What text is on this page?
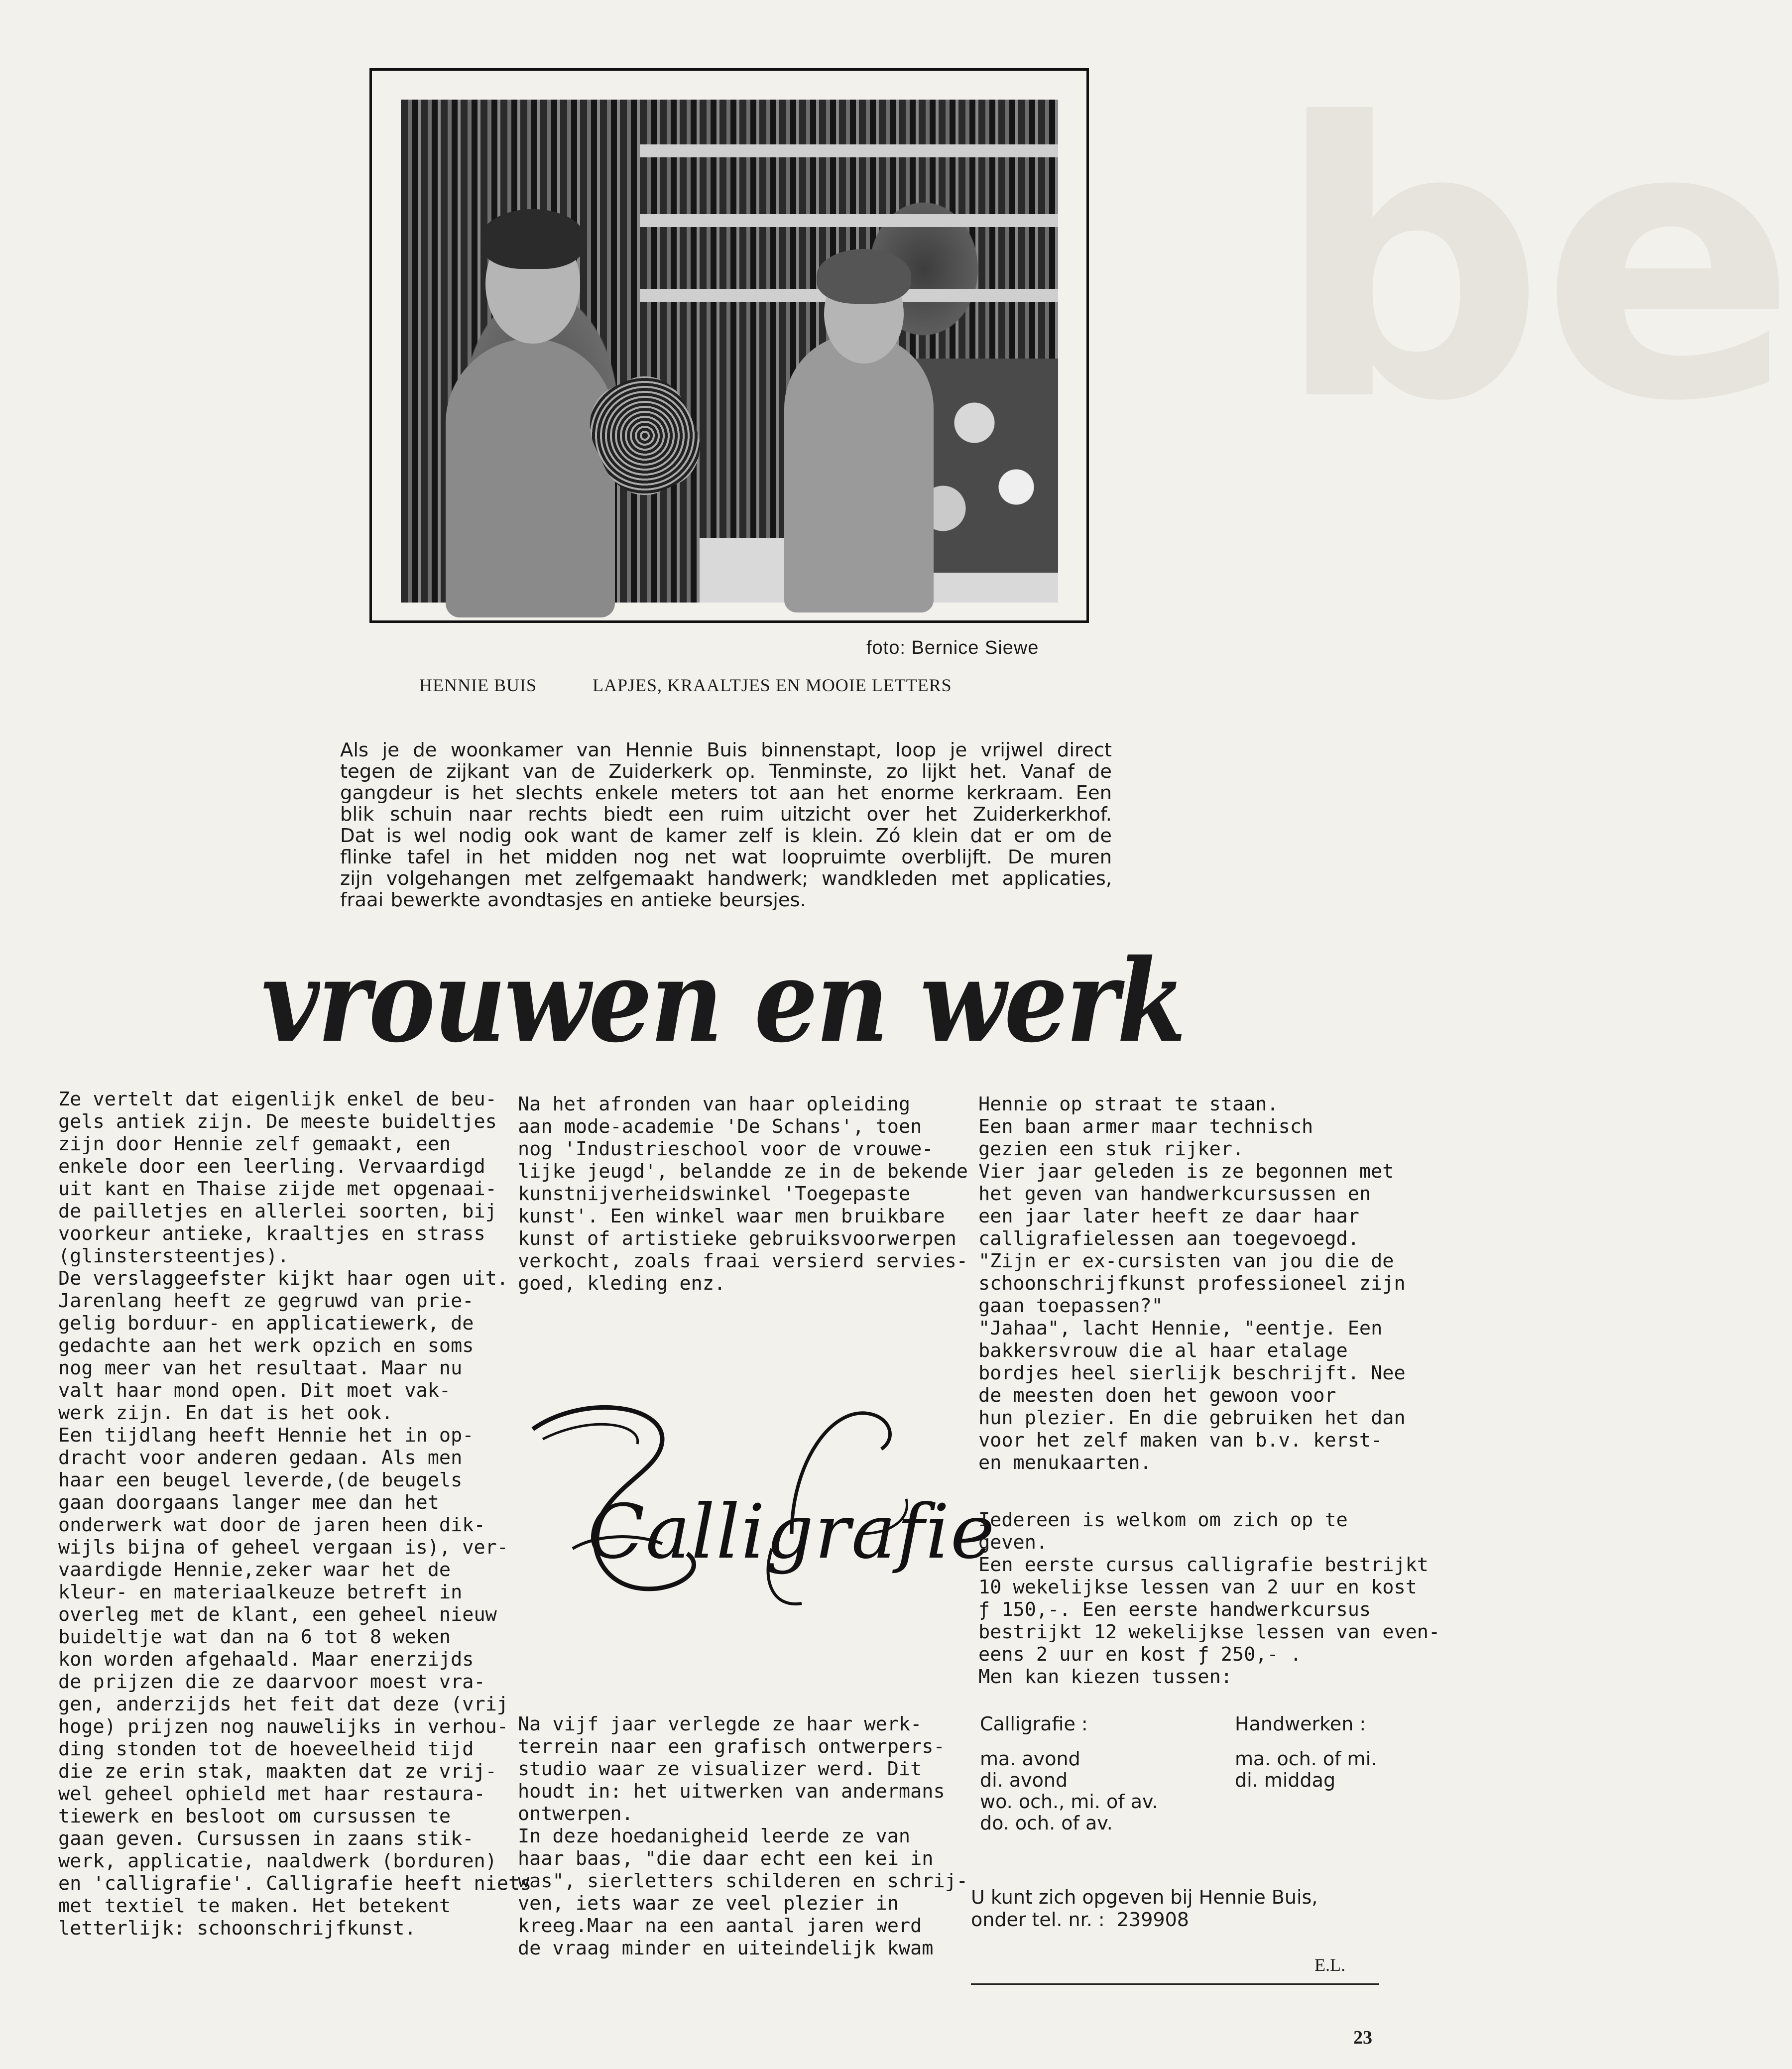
be
foto: Bernice Siewe
HENNIE BUIS	LAPJES, KRAALTJES EN MOOIE LETTERS
Als je de woonkamer van Hennie Buis binnenstapt, loop je vrijwel direct
tegen de zijkant van de Zuiderkerk op. Tenminste, zo lijkt het. Vanaf de
gangdeur is het slechts enkele meters tot aan het enorme kerkraam. Een
blik schuin naar rechts biedt een ruim uitzicht over het Zuiderkerkhof.
Dat is wel nodig ook want de kamer zelf is klein. Zó klein dat er om de
flinke tafel in het midden nog net wat loopruimte overblijft. De muren
zijn volgehangen met zelfgemaakt handwerk; wandkleden met applicaties,
fraai bewerkte avondtasjes en antieke beursjes.
vrouwen en werk
Ze vertelt dat eigenlijk enkel de beu-
gels antiek zijn. De meeste buideltjes
zijn door Hennie zelf gemaakt, een
enkele door een leerling. Vervaardigd
uit kant en Thaise zijde met opgenaai-
de pailletjes en allerlei soorten, bij
voorkeur antieke, kraaltjes en strass
(glinstersteentjes).
De verslaggeefster kijkt haar ogen uit.
Jarenlang heeft ze gegruwd van prie-
gelig borduur- en applicatiewerk, de
gedachte aan het werk opzich en soms
nog meer van het resultaat. Maar nu
valt haar mond open. Dit moet vak-
werk zijn. En dat is het ook.
Een tijdlang heeft Hennie het in op-
dracht voor anderen gedaan. Als men
haar een beugel leverde,(de beugels
gaan doorgaans langer mee dan het
onderwerk wat door de jaren heen dik-
wijls bijna of geheel vergaan is), ver-
vaardigde Hennie,zeker waar het de
kleur- en materiaalkeuze betreft in
overleg met de klant, een geheel nieuw
buideltje wat dan na 6 tot 8 weken
kon worden afgehaald. Maar enerzijds
de prijzen die ze daarvoor moest vra-
gen, anderzijds het feit dat deze (vrij
hoge) prijzen nog nauwelijks in verhou-
ding stonden tot de hoeveelheid tijd
die ze erin stak, maakten dat ze vrij-
wel geheel ophield met haar restaura-
tiewerk en besloot om cursussen te
gaan geven. Cursussen in zaans stik-
werk, applicatie, naaldwerk (borduren)
en 'calligrafie'. Calligrafie heeft niets
met textiel te maken. Het betekent
letterlijk: schoonschrijfkunst.
Na het afronden van haar opleiding
aan mode-academie 'De Schans', toen
nog 'Industrieschool voor de vrouwe-
lijke jeugd', belandde ze in de bekende
kunstnijverheidswinkel 'Toegepaste
kunst'. Een winkel waar men bruikbare
kunst of artistieke gebruiksvoorwerpen
verkocht, zoals fraai versierd servies-
goed, kleding enz.
Calligrafie
Na vijf jaar verlegde ze haar werk-
terrein naar een grafisch ontwerpers-
studio waar ze visualizer werd. Dit
houdt in: het uitwerken van andermans
ontwerpen.
In deze hoedanigheid leerde ze van
haar baas, "die daar echt een kei in
was", sierletters schilderen en schrij-
ven, iets waar ze veel plezier in
kreeg.Maar na een aantal jaren werd
de vraag minder en uiteindelijk kwam
Hennie op straat te staan.
Een baan armer maar technisch
gezien een stuk rijker.
Vier jaar geleden is ze begonnen met
het geven van handwerkcursussen en
een jaar later heeft ze daar haar
calligrafielessen aan toegevoegd.
"Zijn er ex-cursisten van jou die de
schoonschrijfkunst professioneel zijn
gaan toepassen?"
"Jahaa", lacht Hennie, "eentje. Een
bakkersvrouw die al haar etalage
bordjes heel sierlijk beschrijft. Nee
de meesten doen het gewoon voor
hun plezier. En die gebruiken het dan
voor het zelf maken van b.v. kerst-
en menukaarten.
Iedereen is welkom om zich op te
geven.
Een eerste cursus calligrafie bestrijkt
10 wekelijkse lessen van 2 uur en kost
ƒ 150,-. Een eerste handwerkcursus
bestrijkt 12 wekelijkse lessen van even-
eens 2 uur en kost ƒ 250,- .
Men kan kiezen tussen:
Calligrafie :
ma. avond
di. avond
wo. och., mi. of av.
do. och. of av.
Handwerken :
ma. och. of mi.
di. middag
U kunt zich opgeven bij Hennie Buis,
onder tel. nr. :  239908
E.L.
23
